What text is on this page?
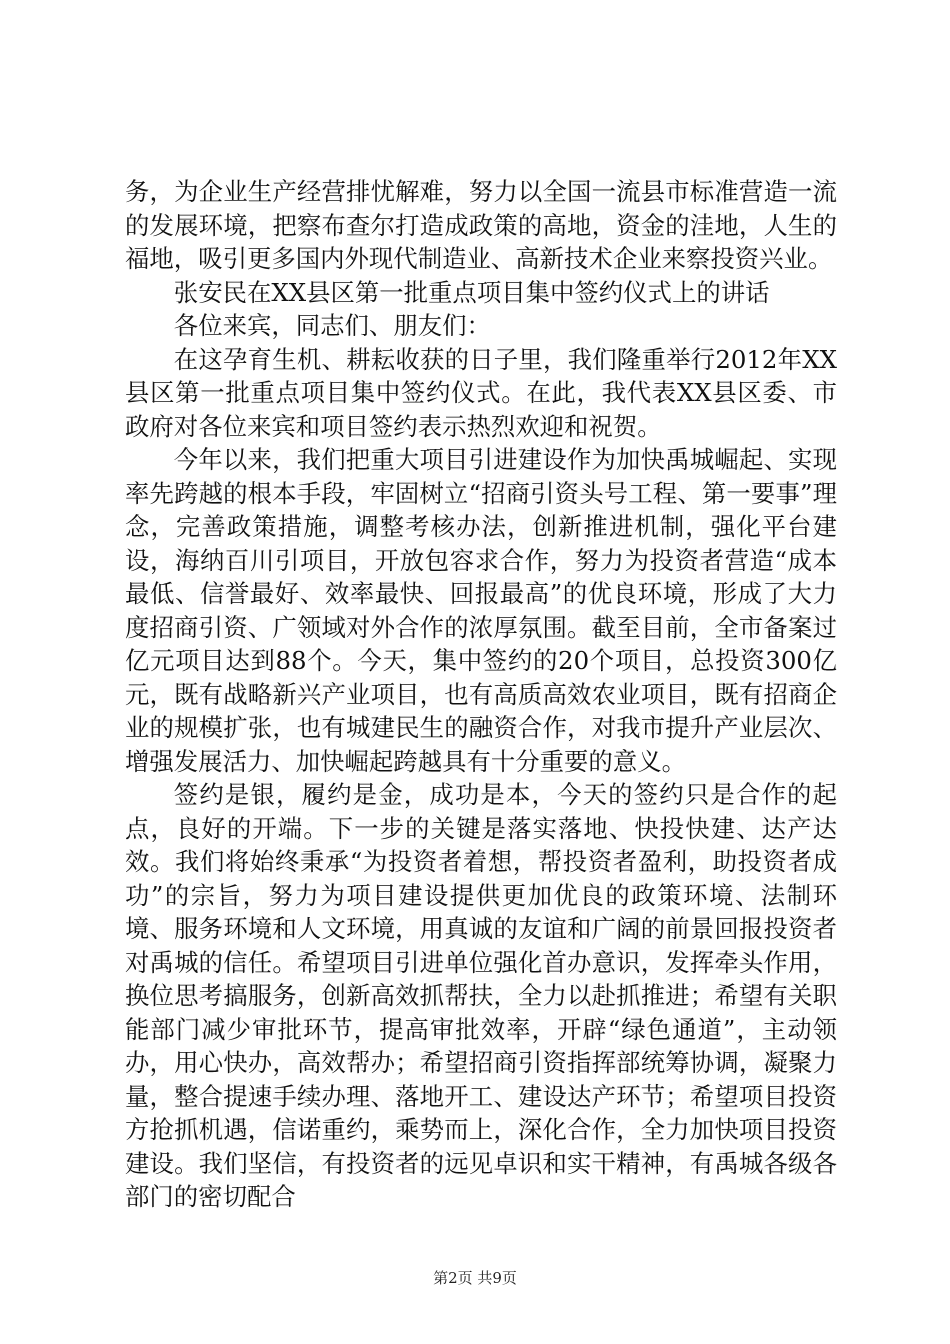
务，为企业生产经营排忧解难，努力以全国一流县市标准营造一流的发展环境，把察布查尔打造成政策的高地，资金的洼地，人生的福地，吸引更多国内外现代制造业、高新技术企业来察投资兴业。

张安民在XX县区第一批重点项目集中签约仪式上的讲话

各位来宾，同志们、朋友们：

在这孕育生机、耕耘收获的日子里，我们隆重举行2012年XX县区第一批重点项目集中签约仪式。在此，我代表XX县区委、市政府对各位来宾和项目签约表示热烈欢迎和祝贺。

今年以来，我们把重大项目引进建设作为加快禹城崛起、实现率先跨越的根本手段，牢固树立“招商引资头号工程、第一要事”理念，完善政策措施，调整考核办法，创新推进机制，强化平台建设，海纳百川引项目，开放包容求合作，努力为投资者营造“成本最低、信誉最好、效率最快、回报最高”的优良环境，形成了大力度招商引资、广领域对外合作的浓厚氛围。截至目前，全市备案过亿元项目达到88个。今天，集中签约的20个项目，总投资300亿元，既有战略新兴产业项目，也有高质高效农业项目，既有招商企业的规模扩张，也有城建民生的融资合作，对我市提升产业层次、增强发展活力、加快崛起跨越具有十分重要的意义。

签约是银，履约是金，成功是本，今天的签约只是合作的起点，良好的开端。下一步的关键是落实落地、快投快建、达产达效。我们将始终秉承“为投资者着想，帮投资者盈利，助投资者成功”的宗旨，努力为项目建设提供更加优良的政策环境、法制环境、服务环境和人文环境，用真诚的友谊和广阔的前景回报投资者对禹城的信任。希望项目引进单位强化首办意识，发挥牵头作用，换位思考搞服务，创新高效抓帮扶，全力以赴抓推进；希望有关职能部门减少审批环节，提高审批效率，开辟“绿色通道”，主动领办，用心快办，高效帮办；希望招商引资指挥部统筹协调，凝聚力量，整合提速手续办理、落地开工、建设达产环节；希望项目投资方抢抓机遇，信诺重约，乘势而上，深化合作，全力加快项目投资建设。我们坚信，有投资者的远见卓识和实干精神，有禹城各级各部门的密切配合

第2页 共9页
